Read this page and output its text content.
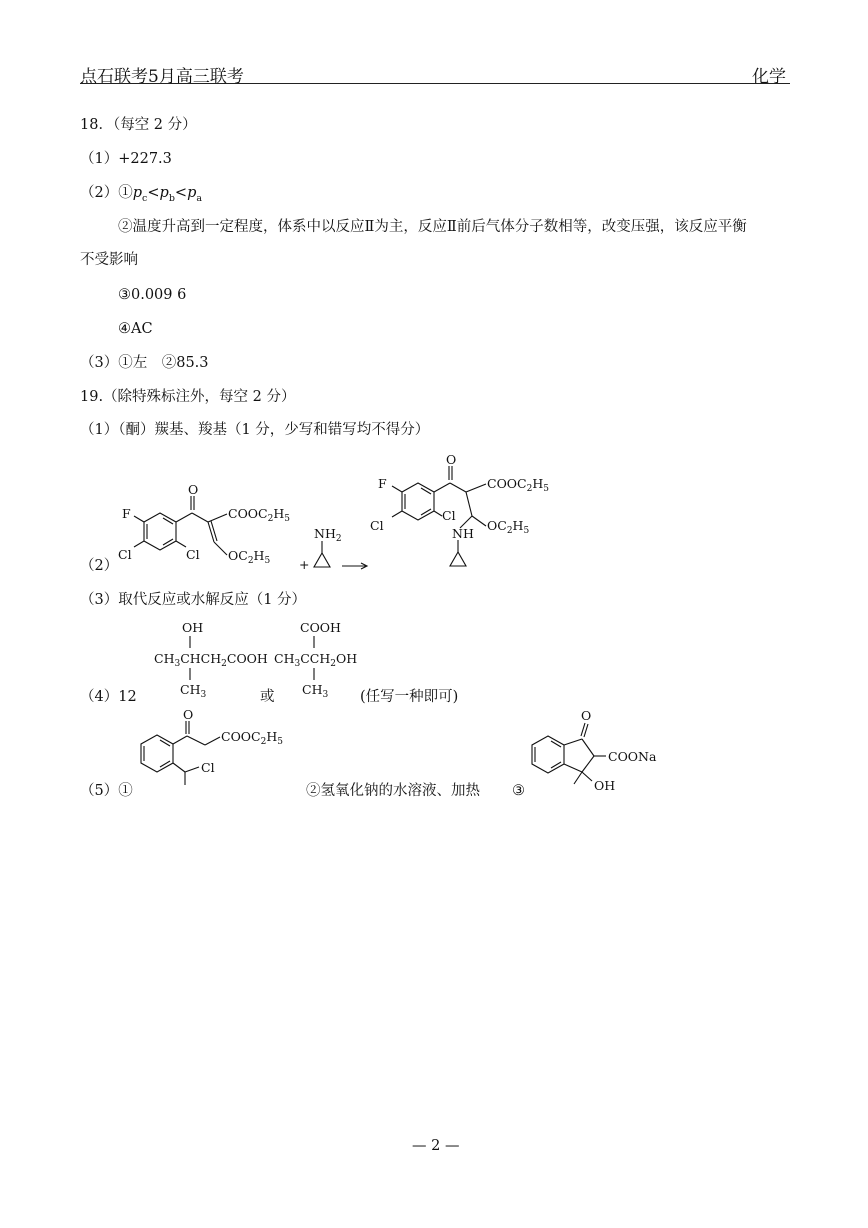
点石联考5月高三联考	化学
18．（每空 2 分）
（1）+227.3
$(2)①p_c<p_b<p_a$
②温度升高到一定程度，体系中以反应Ⅱ为主，反应Ⅱ前后气体分子数相等，改变压强，该反应平衡
不受影响
③0.009 6
④AC
（3）①左　②85.3
19.（除特殊标注外，每空 2 分）
（1）（酮）羰基、羧基（1 分，少写和错写均不得分）
（2）
O
F
Cl	Cl
$COOC_2H_5$
$OC_2H_5$
$NH_2$
+
O
F
Cl
Cl
$COOC_2H_5$
$OC_2H_5$
NH
（3）取代反应或水解反应（1 分）
OH
$CH_3CHCH_2COOH$
$CH_3$
COOH
$CH_3CCH_2OH$
$CH_3$
（4）12	或	(任写一种即可)
O
$COOC_2H_5$
Cl
（5）①	②氢氧化钠的水溶液、加热 ③
O
COONa
OH
— 2 —
